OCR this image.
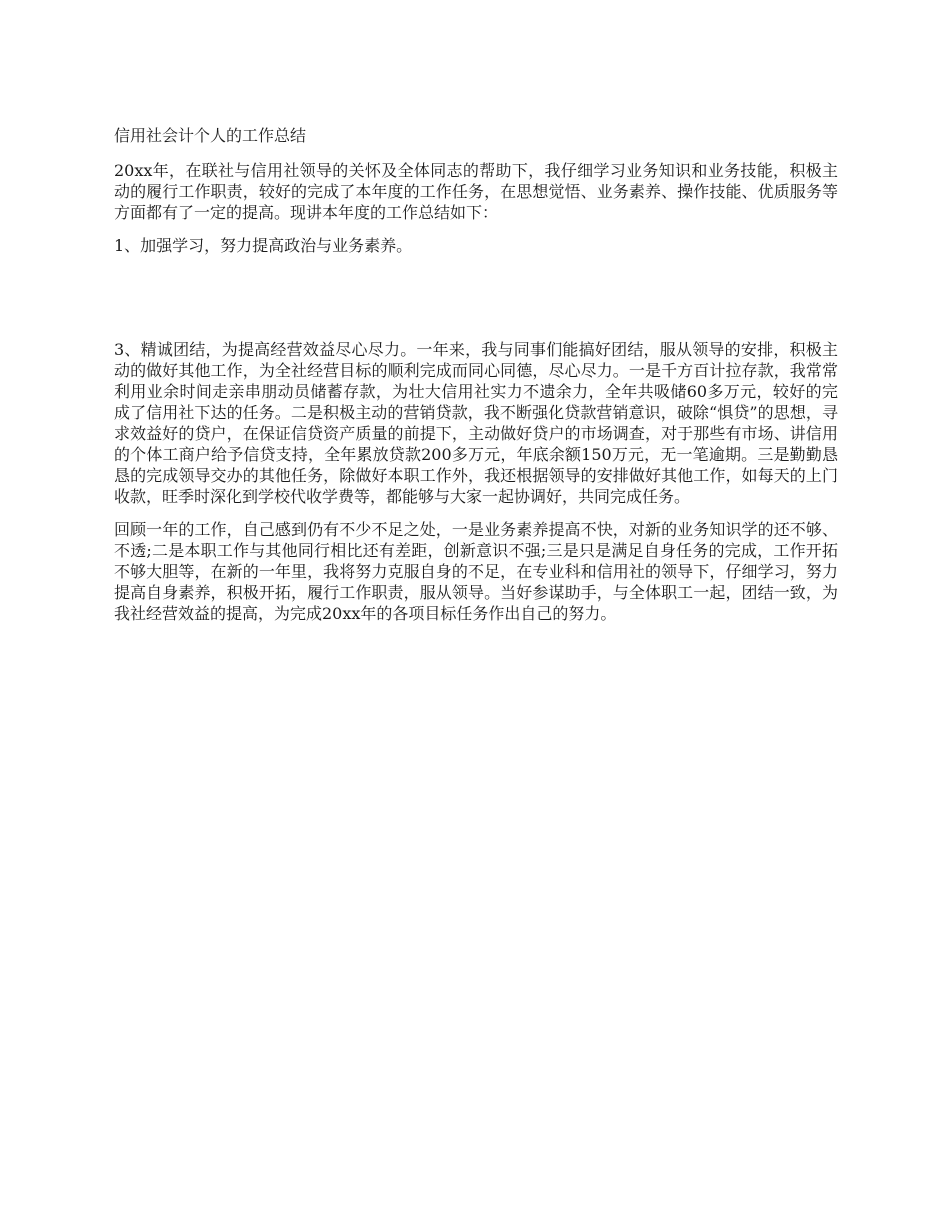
信用社会计个人的工作总结

20xx年，在联社与信用社领导的关怀及全体同志的帮助下，我仔细学习业务知识和业务技能，积极主动的履行工作职责，较好的完成了本年度的工作任务，在思想觉悟、业务素养、操作技能、优质服务等方面都有了一定的提高。现讲本年度的工作总结如下：

1、加强学习，努力提高政治与业务素养。

3、精诚团结，为提高经营效益尽心尽力。一年来，我与同事们能搞好团结，服从领导的安排，积极主动的做好其他工作，为全社经营目标的顺利完成而同心同德，尽心尽力。一是千方百计拉存款，我常常利用业余时间走亲串朋动员储蓄存款，为壮大信用社实力不遗余力，全年共吸储60多万元，较好的完成了信用社下达的任务。二是积极主动的营销贷款，我不断强化贷款营销意识，破除“惧贷”的思想，寻求效益好的贷户，在保证信贷资产质量的前提下，主动做好贷户的市场调查，对于那些有市场、讲信用的个体工商户给予信贷支持，全年累放贷款200多万元，年底余额150万元，无一笔逾期。三是勤勤恳恳的完成领导交办的其他任务，除做好本职工作外，我还根据领导的安排做好其他工作，如每天的上门收款，旺季时深化到学校代收学费等，都能够与大家一起协调好，共同完成任务。

回顾一年的工作，自己感到仍有不少不足之处，一是业务素养提高不快，对新的业务知识学的还不够、不透;二是本职工作与其他同行相比还有差距，创新意识不强;三是只是满足自身任务的完成，工作开拓不够大胆等，在新的一年里，我将努力克服自身的不足，在专业科和信用社的领导下，仔细学习，努力提高自身素养，积极开拓，履行工作职责，服从领导。当好参谋助手，与全体职工一起，团结一致，为我社经营效益的提高，为完成20xx年的各项目标任务作出自己的努力。
